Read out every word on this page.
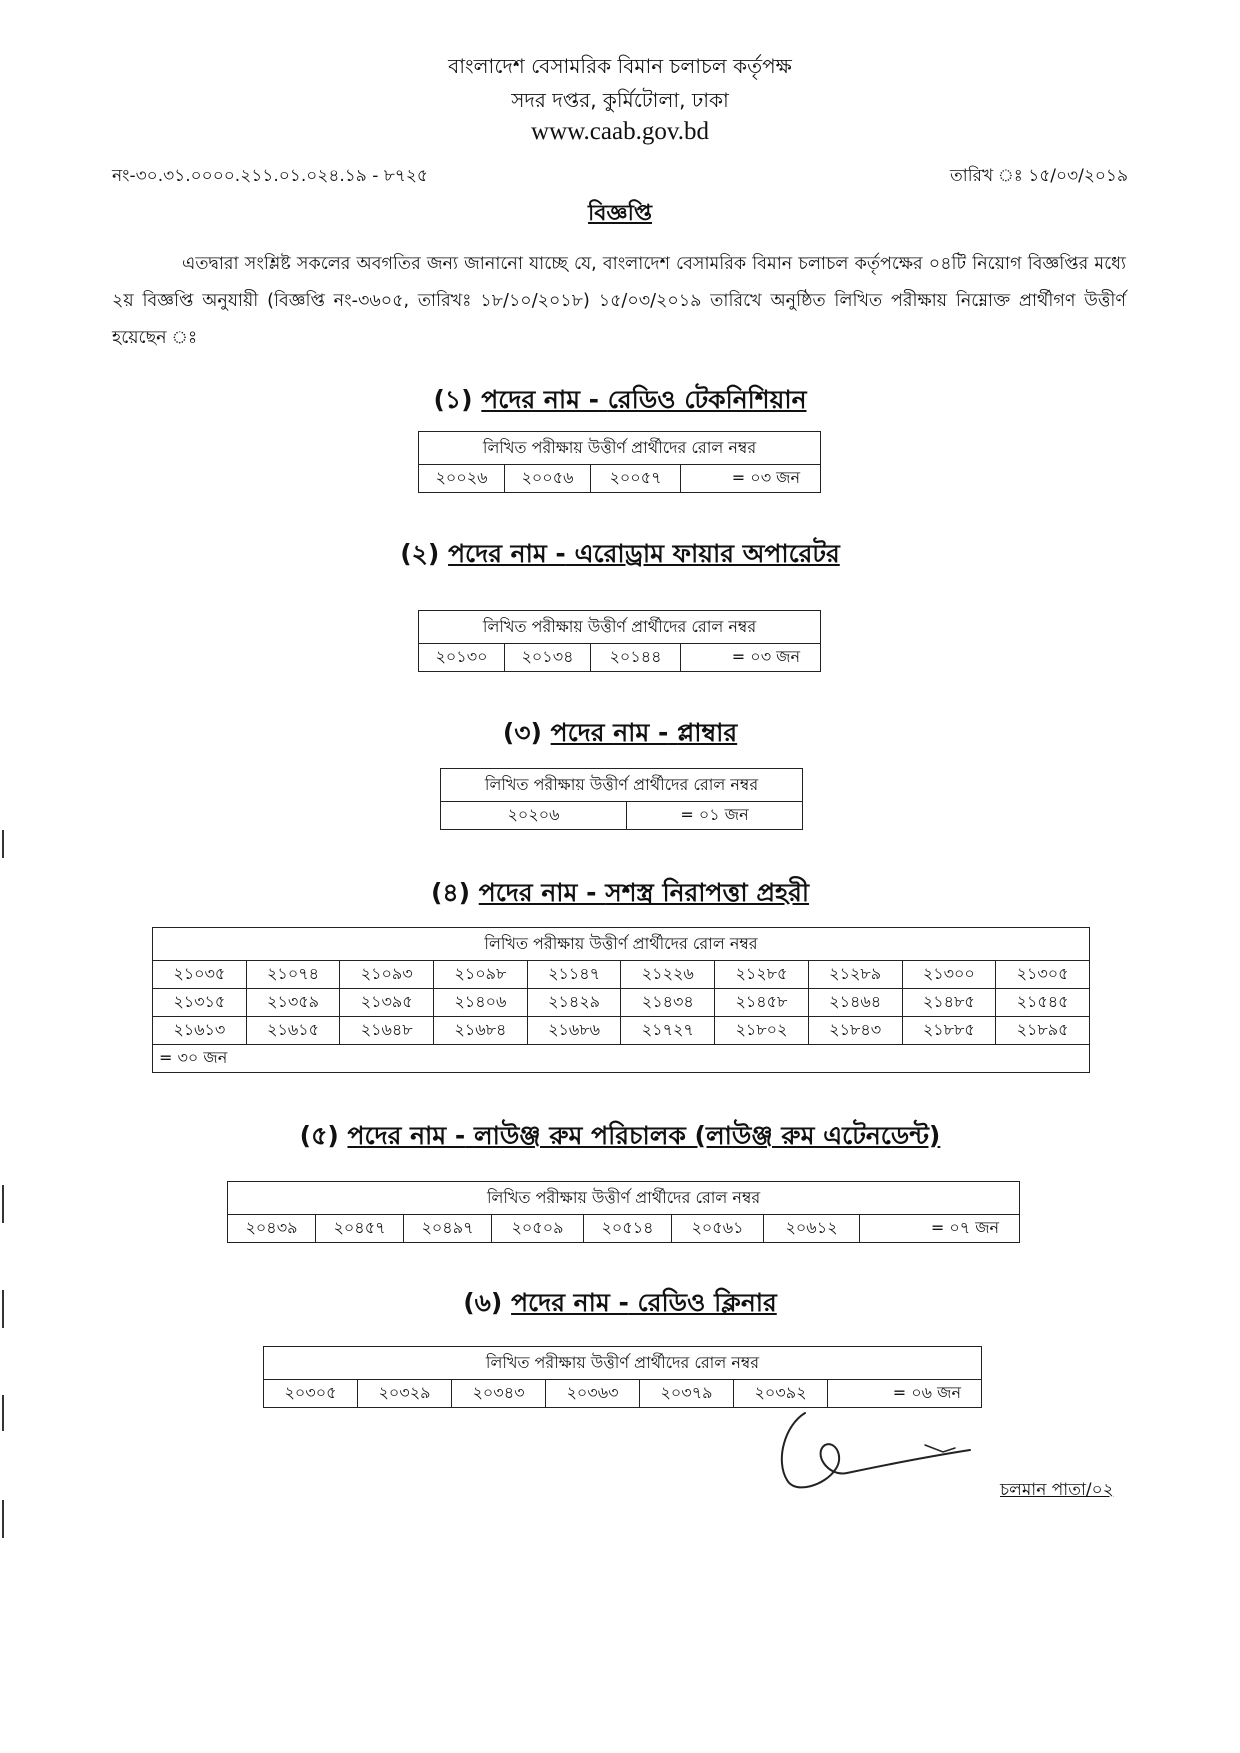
বাংলাদেশ বেসামরিক বিমান চলাচল কর্তৃপক্ষ
সদর দপ্তর, কুর্মিটোলা, ঢাকা
www.caab.gov.bd
নং-৩০.৩১.০০০০.২১১.০১.০২৪.১৯ - ৮৭২৫	তারিখ ঃ ১৫/০৩/২০১৯
বিজ্ঞপ্তি
এতদ্বারা সংশ্লিষ্ট সকলের অবগতির জন্য জানানো যাচ্ছে যে, বাংলাদেশ বেসামরিক বিমান চলাচল কর্তৃপক্ষের ০৪টি নিয়োগ বিজ্ঞপ্তির মধ্যে ২য় বিজ্ঞপ্তি অনুযায়ী (বিজ্ঞপ্তি নং-৩৬০৫, তারিখঃ ১৮/১০/২০১৮) ১৫/০৩/২০১৯ তারিখে অনুষ্ঠিত লিখিত পরীক্ষায় নিম্নোক্ত প্রার্থীগণ উত্তীর্ণ হয়েছেন ঃ
(১) পদের নাম - রেডিও টেকনিশিয়ান
লিখিত পরীক্ষায় উত্তীর্ণ প্রার্থীদের রোল নম্বর
২০০২৬	২০০৫৬	২০০৫৭	= ০৩ জন
(২) পদের নাম - এরোড্রাম ফায়ার অপারেটর
লিখিত পরীক্ষায় উত্তীর্ণ প্রার্থীদের রোল নম্বর
২০১৩০	২০১৩৪	২০১৪৪	= ০৩ জন
(৩) পদের নাম - প্লাম্বার
লিখিত পরীক্ষায় উত্তীর্ণ প্রার্থীদের রোল নম্বর
২০২০৬	= ০১ জন
(৪) পদের নাম - সশস্ত্র নিরাপত্তা প্রহরী
লিখিত পরীক্ষায় উত্তীর্ণ প্রার্থীদের রোল নম্বর									
২১০৩৫	২১০৭৪	২১০৯৩	২১০৯৮	২১১৪৭	২১২২৬	২১২৮৫	২১২৮৯	২১৩০০	২১৩০৫
২১৩১৫	২১৩৫৯	২১৩৯৫	২১৪০৬	২১৪২৯	২১৪৩৪	২১৪৫৮	২১৪৬৪	২১৪৮৫	২১৫৪৫
২১৬১৩	২১৬১৫	২১৬৪৮	২১৬৮৪	২১৬৮৬	২১৭২৭	২১৮০২	২১৮৪৩	২১৮৮৫	২১৮৯৫
= ৩০ জন									
(৫) পদের নাম - লাউঞ্জ রুম পরিচালক (লাউঞ্জ রুম এটেনডেন্ট)
লিখিত পরীক্ষায় উত্তীর্ণ প্রার্থীদের রোল নম্বর
২০৪৩৯	২০৪৫৭	২০৪৯৭	২০৫০৯	২০৫১৪	২০৫৬১	২০৬১২	= ০৭ জন
(৬) পদের নাম - রেডিও ক্লিনার
লিখিত পরীক্ষায় উত্তীর্ণ প্রার্থীদের রোল নম্বর
২০৩০৫	২০৩২৯	২০৩৪৩	২০৩৬৩	২০৩৭৯	২০৩৯২	= ০৬ জন
চলমান পাতা/০২
